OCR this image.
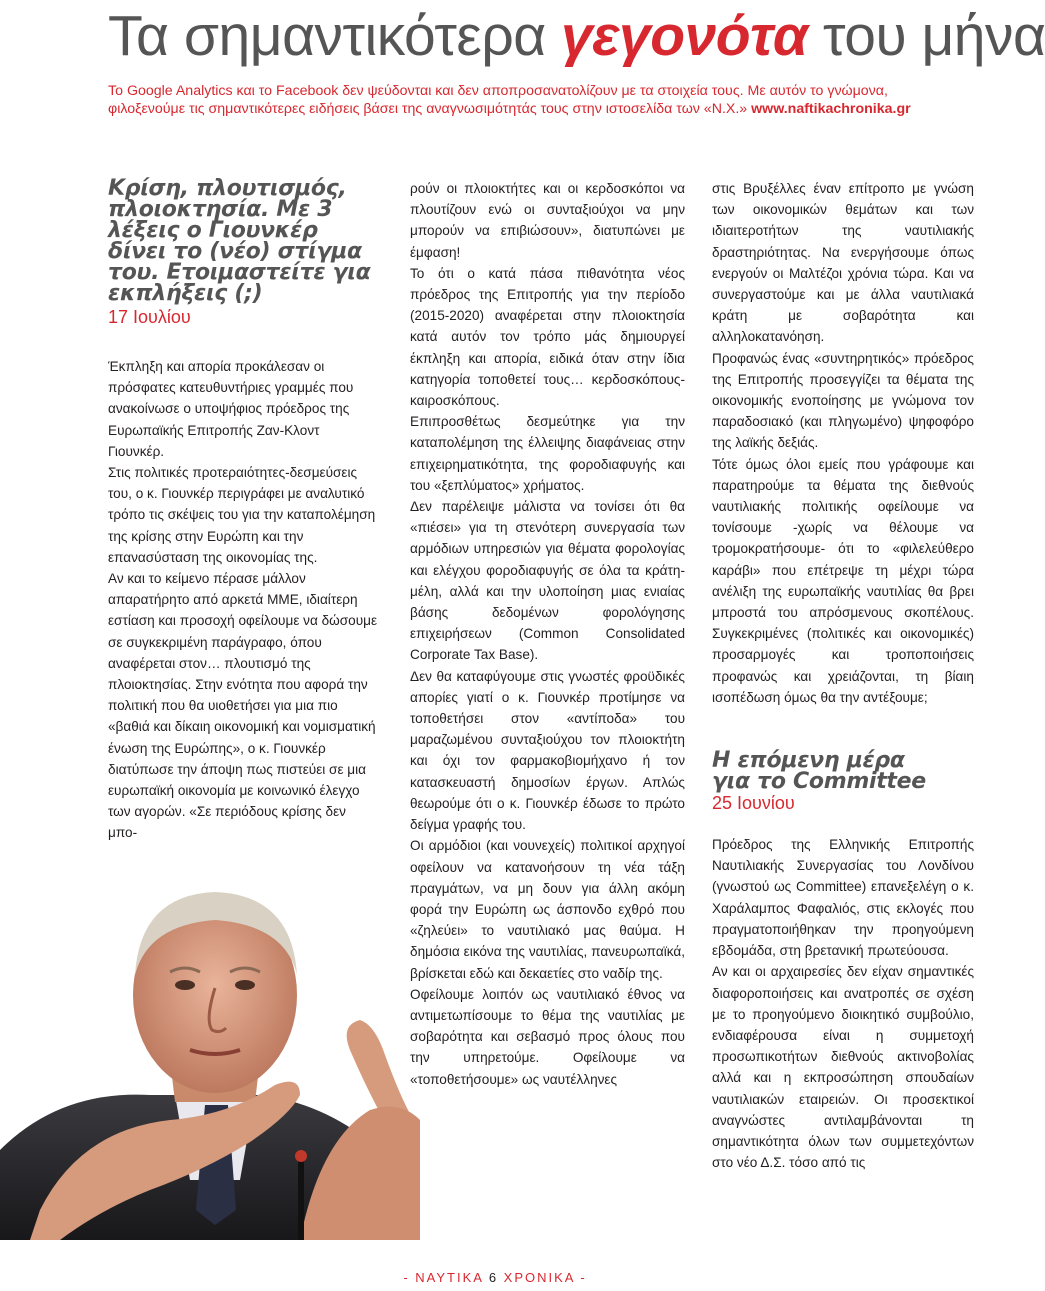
Τα σημαντικότερα γεγονότα του μήνα
Το Google Analytics και το Facebook δεν ψεύδονται και δεν αποπροσανατολίζουν με τα στοιχεία τους. Με αυτόν το γνώμονα,
φιλοξενούμε τις σημαντικότερες ειδήσεις βάσει της αναγνωσιμότητάς τους στην ιστοσελίδα των «Ν.Χ.» www.naftikachronika.gr
Κρίση, πλουτισμός, πλοιοκτησία. Με 3 λέξεις ο Γιουνκέρ δίνει το (νέο) στίγμα του. Ετοιμαστείτε για εκπλήξεις (;)
17 Ιουλίου

Έκπληξη και απορία προκάλεσαν οι πρόσφατες κατευθυντήριες γραμμές που ανακοίνωσε ο υποψήφιος πρόεδρος της Ευρωπαϊκής Επιτροπής Ζαν-Κλοντ Γιουνκέρ.

Στις πολιτικές προτεραιότητες-δεσμεύσεις του, ο κ. Γιουνκέρ περιγράφει με αναλυτικό τρόπο τις σκέψεις του για την καταπολέμηση της κρίσης στην Ευρώπη και την επανασύσταση της οικονομίας της.

Αν και το κείμενο πέρασε μάλλον απαρατήρητο από αρκετά ΜΜΕ, ιδιαίτερη εστίαση και προσοχή οφείλουμε να δώσουμε σε συγκεκριμένη παράγραφο, όπου αναφέρεται στον… πλουτισμό της πλοιοκτησίας. Στην ενότητα που αφορά την πολιτική που θα υιοθετήσει για μια πιο «βαθιά και δίκαιη οικονομική και νομισματική ένωση της Ευρώπης», ο κ. Γιουνκέρ διατύπωσε την άποψη πως πιστεύει σε μια ευρωπαϊκή οικονομία με κοινωνικό έλεγχο των αγορών. «Σε περιόδους κρίσης δεν μπο-

ρούν οι πλοιοκτήτες και οι κερδοσκόποι να πλουτίζουν ενώ οι συνταξιούχοι να μην μπορούν να επιβιώσουν», διατυπώνει με έμφαση!

Το ότι ο κατά πάσα πιθανότητα νέος πρόεδρος της Επιτροπής για την περίοδο (2015-2020) αναφέρεται στην πλοιοκτησία κατά αυτόν τον τρόπο μάς δημιουργεί έκπληξη και απορία, ειδικά όταν στην ίδια κατηγορία τοποθετεί τους… κερδοσκόπους-καιροσκόπους.

Επιπροσθέτως δεσμεύτηκε για την καταπολέμηση της έλλειψης διαφάνειας στην επιχειρηματικότητα, της φοροδιαφυγής και του «ξεπλύματος» χρήματος.

Δεν παρέλειψε μάλιστα να τονίσει ότι θα «πιέσει» για τη στενότερη συνεργασία των αρμόδιων υπηρεσιών για θέματα φορολογίας και ελέγχου φοροδιαφυγής σε όλα τα κράτη-μέλη, αλλά και την υλοποίηση μιας ενιαίας βάσης δεδομένων φορολόγησης επιχειρήσεων (Common Consolidated Corporate Tax Base).

Δεν θα καταφύγουμε στις γνωστές φροϋδικές απορίες γιατί ο κ. Γιουνκέρ προτίμησε να τοποθετήσει στον «αντίποδα» του μαραζωμένου συνταξιούχου τον πλοιοκτήτη και όχι τον φαρμακοβιομήχανο ή τον κατασκευαστή δημοσίων έργων. Απλώς θεωρούμε ότι ο κ. Γιουνκέρ έδωσε το πρώτο δείγμα γραφής του.

Οι αρμόδιοι (και νουνεχείς) πολιτικοί αρχηγοί οφείλουν να κατανοήσουν τη νέα τάξη πραγμάτων, να μη δουν για άλλη ακόμη φορά την Ευρώπη ως άσπονδο εχθρό που «ζηλεύει» το ναυτιλιακό μας θαύμα. Η δημόσια εικόνα της ναυτιλίας, πανευρωπαϊκά, βρίσκεται εδώ και δεκαετίες στο ναδίρ της.

Οφείλουμε λοιπόν ως ναυτιλιακό έθνος να αντιμετωπίσουμε το θέμα της ναυτιλίας με σοβαρότητα και σεβασμό προς όλους που την υπηρετούμε. Οφείλουμε να «τοποθετήσουμε» ως ναυτέλληνες

στις Βρυξέλλες έναν επίτροπο με γνώση των οικονομικών θεμάτων και των ιδιαιτεροτήτων της ναυτιλιακής δραστηριότητας. Να ενεργήσουμε όπως ενεργούν οι Μαλτέζοι χρόνια τώρα. Και να συνεργαστούμε και με άλλα ναυτιλιακά κράτη με σοβαρότητα και αλληλοκατανόηση.

Προφανώς ένας «συντηρητικός» πρόεδρος της Επιτροπής προσεγγίζει τα θέματα της οικονομικής ενοποίησης με γνώμονα τον παραδοσιακό (και πληγωμένο) ψηφοφόρο της λαϊκής δεξιάς.

Τότε όμως όλοι εμείς που γράφουμε και παρατηρούμε τα θέματα της διεθνούς ναυτιλιακής πολιτικής οφείλουμε να τονίσουμε -χωρίς να θέλουμε να τρομοκρατήσουμε- ότι το «φιλελεύθερο καράβι» που επέτρεψε τη μέχρι τώρα ανέλιξη της ευρωπαϊκής ναυτιλίας θα βρει μπροστά του απρόσμενους σκοπέλους. Συγκεκριμένες (πολιτικές και οικονομικές) προσαρμογές και τροποποιήσεις προφανώς και χρειάζονται, τη βίαιη ισοπέδωση όμως θα την αντέξουμε;

Η επόμενη μέρα
για το Committee
25 Ιουνίου

Πρόεδρος της Ελληνικής Επιτροπής Ναυτιλιακής Συνεργασίας του Λονδίνου (γνωστού ως Committee) επανεξελέγη ο κ. Χαράλαμπος Φαφαλιός, στις εκλογές που πραγματοποιήθηκαν την προηγούμενη εβδομάδα, στη βρετανική πρωτεύουσα.

Αν και οι αρχαιρεσίες δεν είχαν σημαντικές διαφοροποιήσεις και ανατροπές σε σχέση με το προηγούμενο διοικητικό συμβούλιο, ενδιαφέρουσα είναι η συμμετοχή προσωπικοτήτων διεθνούς ακτινοβολίας αλλά και η εκπροσώπηση σπουδαίων ναυτιλιακών εταιρειών. Οι προσεκτικοί αναγνώστες αντιλαμβάνονται τη σημαντικότητα όλων των συμμετεχόντων στο νέο Δ.Σ. τόσο από τις

- ΝΑΥΤΙΚΑ 6 ΧΡΟΝΙΚΑ -
